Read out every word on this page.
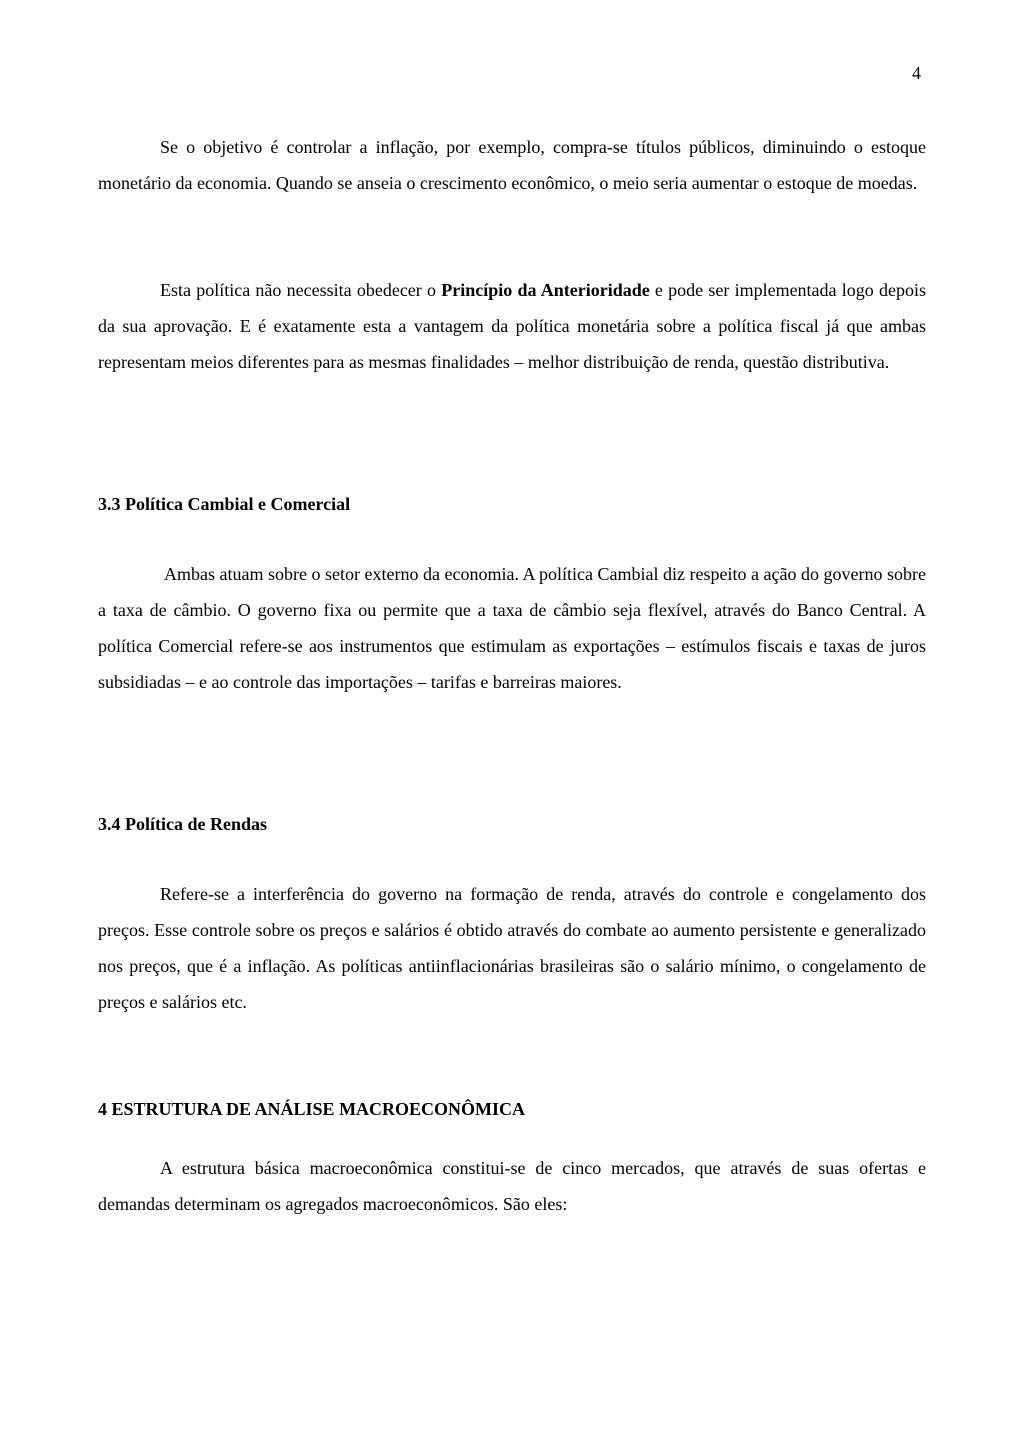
4

Se o objetivo é controlar a inflação, por exemplo, compra-se títulos públicos, diminuindo o estoque monetário da economia. Quando se anseia o crescimento econômico, o meio seria aumentar o estoque de moedas.

Esta política não necessita obedecer o Princípio da Anterioridade e pode ser implementada logo depois da sua aprovação. E é exatamente esta a vantagem da política monetária sobre a política fiscal já que ambas representam meios diferentes para as mesmas finalidades – melhor distribuição de renda, questão distributiva.

3.3 Política Cambial e Comercial

Ambas atuam sobre o setor externo da economia. A política Cambial diz respeito a ação do governo sobre a taxa de câmbio. O governo fixa ou permite que a taxa de câmbio seja flexível, através do Banco Central. A política Comercial refere-se aos instrumentos que estimulam as exportações – estímulos fiscais e taxas de juros subsidiadas – e ao controle das importações – tarifas e barreiras maiores.

3.4 Política de Rendas

Refere-se a interferência do governo na formação de renda, através do controle e congelamento dos preços. Esse controle sobre os preços e salários é obtido através do combate ao aumento persistente e generalizado nos preços, que é a inflação. As políticas antiinflacionárias brasileiras são o salário mínimo, o congelamento de preços e salários etc.

4 ESTRUTURA DE ANÁLISE MACROECONÔMICA

A estrutura básica macroeconômica constitui-se de cinco mercados, que através de suas ofertas e demandas determinam os agregados macroeconômicos. São eles:
